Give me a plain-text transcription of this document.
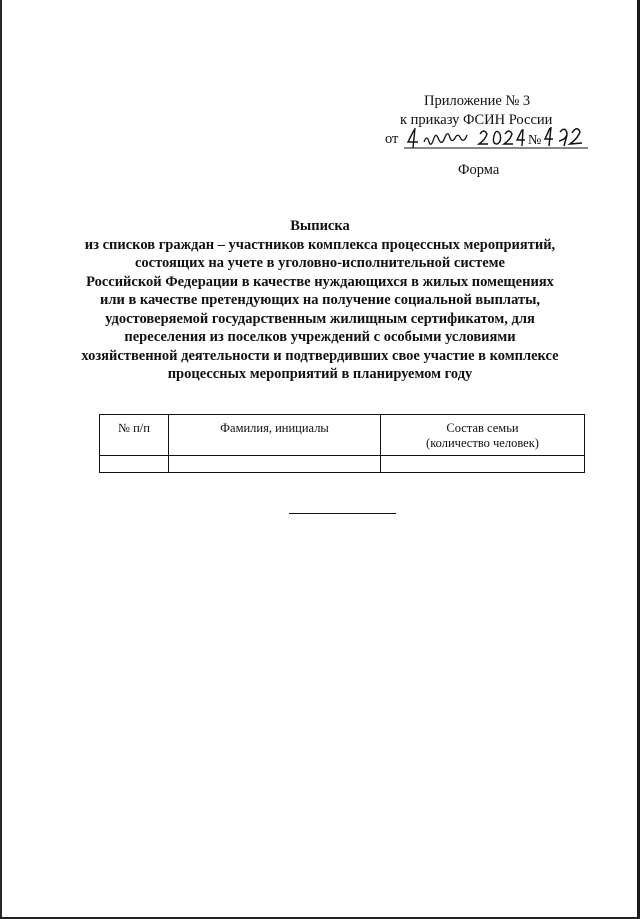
Приложение № 3
к приказу ФСИН России
от	№
Форма
Выписка
из списков граждан – участников комплекса процессных мероприятий,
состоящих на учете в уголовно-исполнительной системе
Российской Федерации в качестве нуждающихся в жилых помещениях
или в качестве претендующих на получение социальной выплаты,
удостоверяемой государственным жилищным сертификатом, для
переселения из поселков учреждений с особыми условиями
хозяйственной деятельности и подтвердивших свое участие в комплексе
процессных мероприятий в планируемом году
№ п/п	Фамилия, инициалы	Состав семьи
(количество человек)
